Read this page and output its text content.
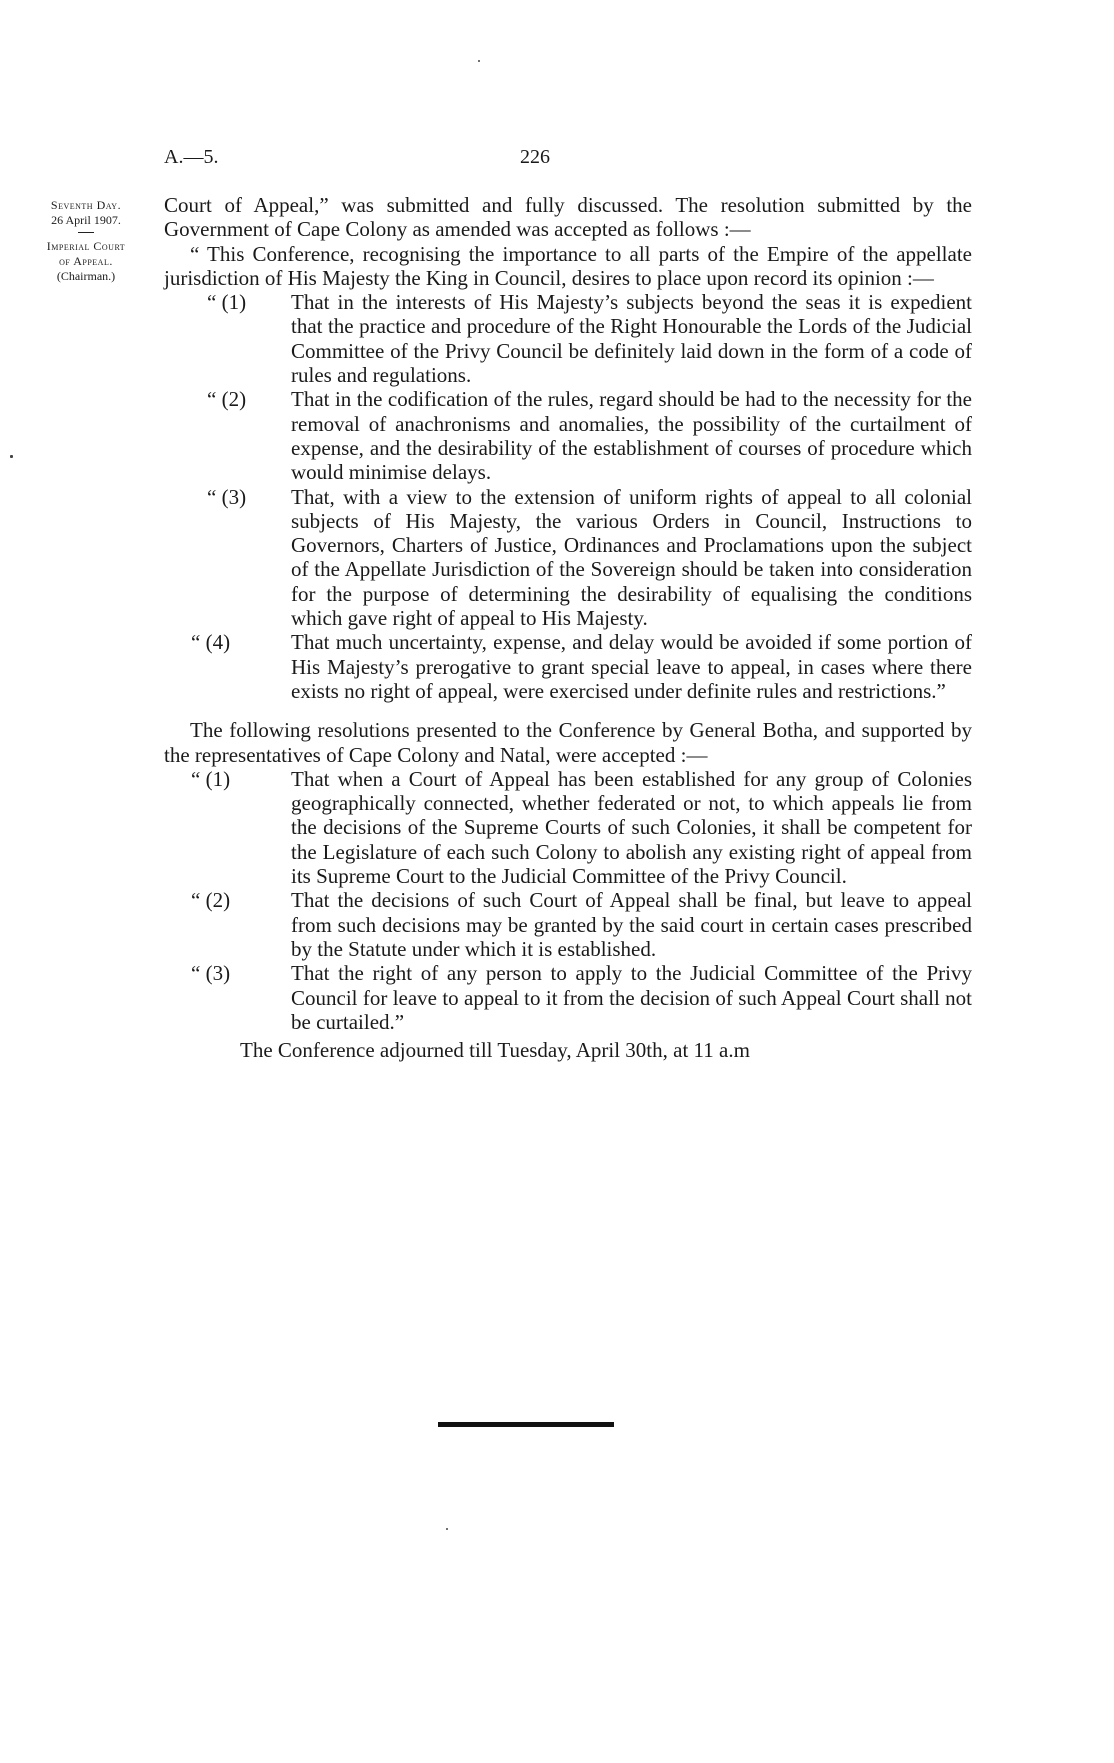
A.—5.	226
Seventh Day.
26 April 1907.
Imperial Court
of Appeal.
(Chairman.)

Court of Appeal,” was submitted and fully discussed. The resolution submitted by the Government of Cape Colony as amended was accepted as follows :—

“ This Conference, recognising the importance to all parts of the Empire of the appellate jurisdiction of His Majesty the King in Council, desires to place upon record its opinion :—

“ (1)	That in the interests of His Majesty’s subjects beyond the seas it is expedient that the practice and procedure of the Right Honourable the Lords of the Judicial Committee of the Privy Council be definitely laid down in the form of a code of rules and regulations.
“ (2)	That in the codification of the rules, regard should be had to the necessity for the removal of anachronisms and anomalies, the possibility of the curtailment of expense, and the desirability of the establishment of courses of procedure which would minimise delays.
“ (3)	That, with a view to the extension of uniform rights of appeal to all colonial subjects of His Majesty, the various Orders in Council, Instructions to Governors, Charters of Justice, Ordinances and Proclamations upon the subject of the Appellate Jurisdiction of the Sovereign should be taken into consideration for the purpose of determining the desirability of equalising the conditions which gave right of appeal to His Majesty.
“ (4)	That much uncertainty, expense, and delay would be avoided if some portion of His Majesty’s prerogative to grant special leave to appeal, in cases where there exists no right of appeal, were exercised under definite rules and restrictions.”

The following resolutions presented to the Conference by General Botha, and supported by the representatives of Cape Colony and Natal, were accepted :—

“ (1)	That when a Court of Appeal has been established for any group of Colonies geographically connected, whether federated or not, to which appeals lie from the decisions of the Supreme Courts of such Colonies, it shall be competent for the Legislature of each such Colony to abolish any existing right of appeal from its Supreme Court to the Judicial Committee of the Privy Council.
“ (2)	That the decisions of such Court of Appeal shall be final, but leave to appeal from such decisions may be granted by the said court in certain cases prescribed by the Statute under which it is established.
“ (3)	That the right of any person to apply to the Judicial Committee of the Privy Council for leave to appeal to it from the decision of such Appeal Court shall not be curtailed.”

The Conference adjourned till Tuesday, April 30th, at 11 a.m
